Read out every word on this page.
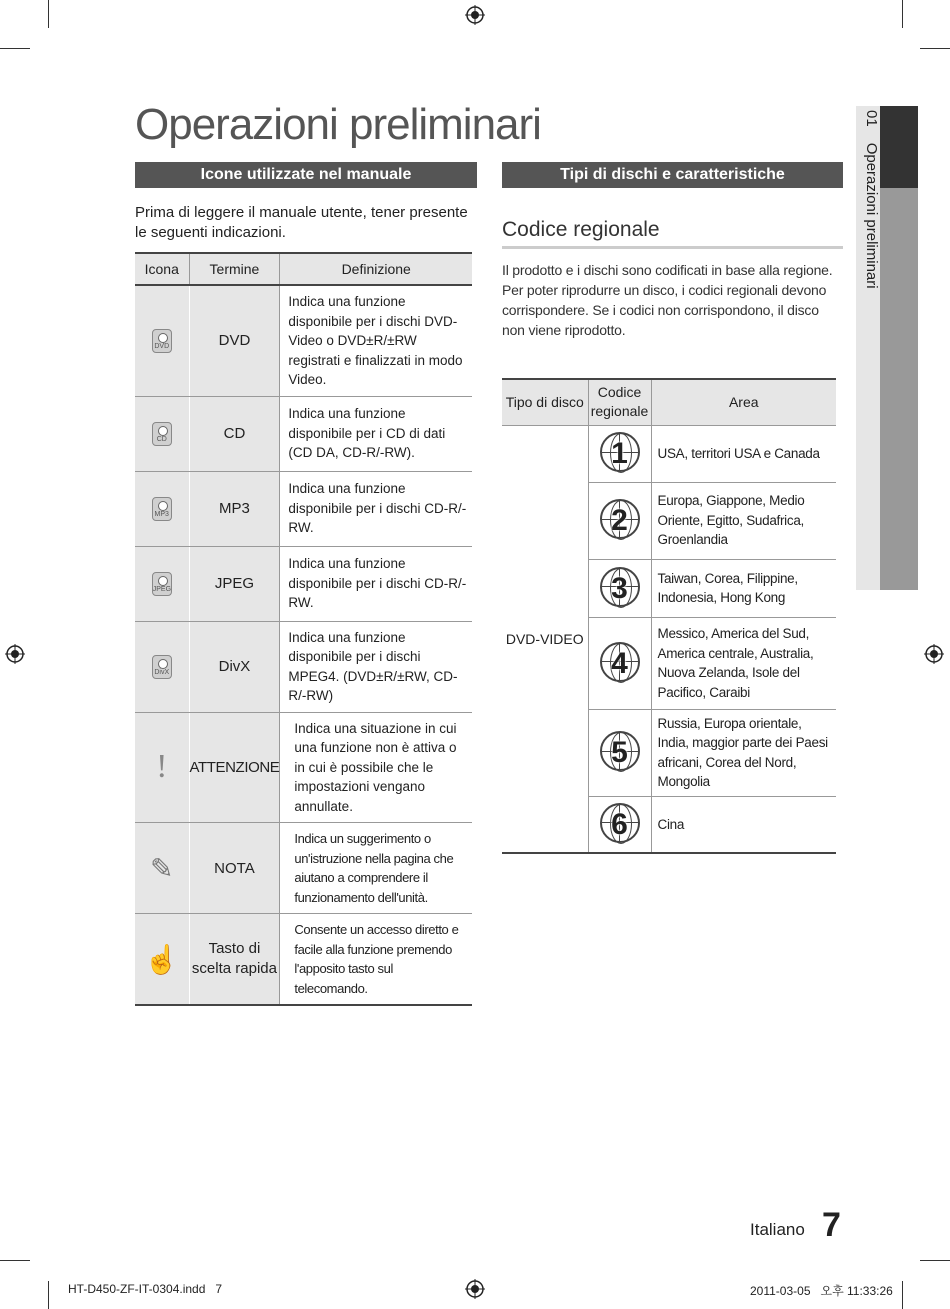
Operazioni preliminari
Icone utilizzate nel manuale

Prima di leggere il manuale utente, tener presente le seguenti indicazioni.

Icona	Termine	Definizione

DVD	DVD	Indica una funzione disponibile per i dischi DVD-Video o DVD±R/±RW registrati e finalizzati in modo Video.

CD	CD	Indica una funzione disponibile per i CD di dati (CD DA, CD-R/-RW).

MP3	MP3	Indica una funzione disponibile per i dischi CD-R/-RW.

JPEG	JPEG	Indica una funzione disponibile per i dischi CD-R/-RW.

DivX	DivX	Indica una funzione disponibile per i dischi MPEG4. (DVD±R/±RW, CD-R/-RW)
!	ATTENZIONE	Indica una situazione in cui una funzione non è attiva o in cui è possibile che le impostazioni vengano annullate.
✎	NOTA	Indica un suggerimento o un'istruzione nella pagina che aiutano a comprendere il funzionamento dell'unità.
☝	Tasto di scelta rapida	Consente un accesso diretto e facile alla funzione premendo l'apposito tasto sul telecomando.
Tipi di dischi e caratteristiche
Codice regionale

Il prodotto e i dischi sono codificati in base alla regione. Per poter riprodurre un disco, i codici regionali devono corrispondere. Se i codici non corrispondono, il disco non viene riprodotto.

Tipo di disco	Codice regionale	Area
DVD-VIDEO	1	USA, territori USA e Canada

	2	Europa, Giappone, Medio Oriente, Egitto, Sudafrica, Groenlandia

	3	Taiwan, Corea, Filippine, Indonesia, Hong Kong

	4	Messico, America del Sud, America centrale, Australia, Nuova Zelanda, Isole del Pacifico, Caraibi

	5	Russia, Europa orientale, India, maggior parte dei Paesi africani, Corea del Nord, Mongolia

	6	Cina
01Operazioni preliminari
Italiano 7
HT-D450-ZF-IT-0304.indd   7	2011-03-05   오후 11:33:26
